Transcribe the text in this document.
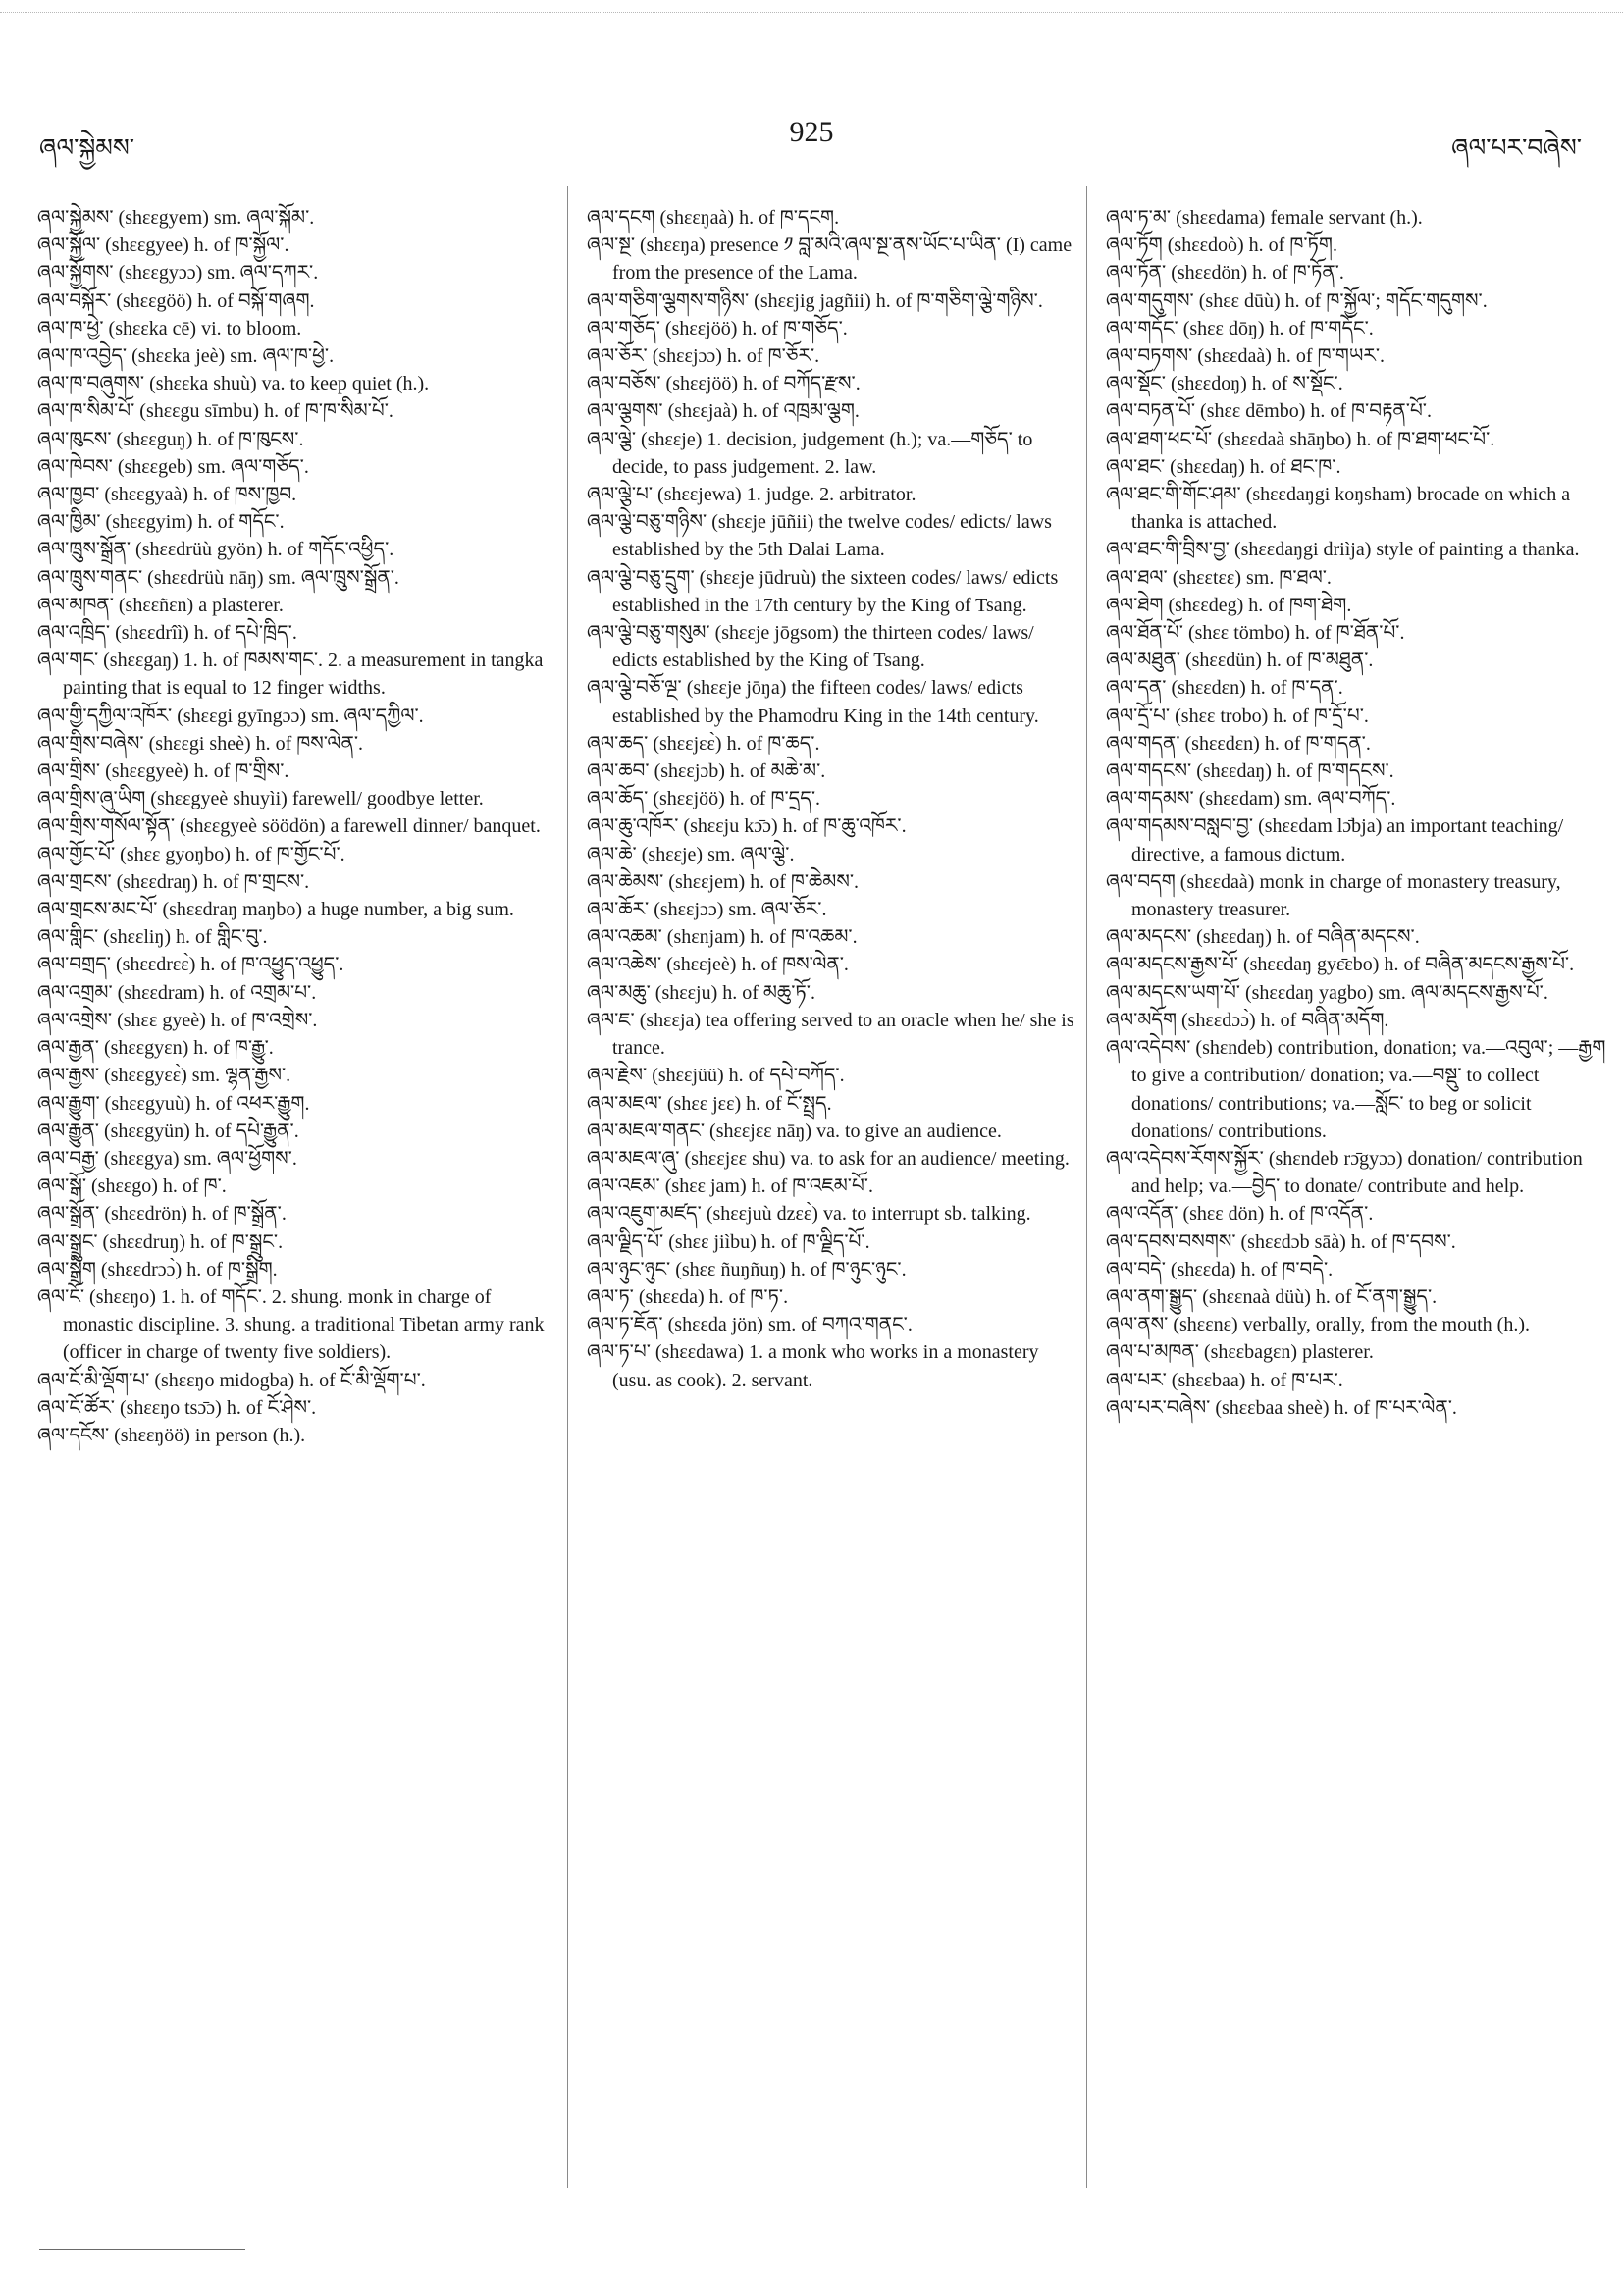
ཞལ་སྐྱེམས་
925
ཞལ་པར་བཞེས་

ཞལ་སྐྱེམས་ (shɛɛgyem) sm. ཞལ་སྐོམ་.

ཞལ་སྐྱོལ་ (shɛɛgyee) h. of ཁ་སྐྱོལ་.

ཞལ་སྐྱོགས་ (shɛɛgyɔɔ) sm. ཞལ་དཀར་.

ཞལ་བསྐོར་ (shɛɛgöö) h. of བསྐོ་གཞག.

ཞལ་ཁ་ཕྱེ་ (shɛɛka cē) vi. to bloom.

ཞལ་ཁ་འབྱེད་ (shɛɛka jeè) sm. ཞལ་ཁ་ཕྱེ་.

ཞལ་ཁ་བཞུགས་ (shɛɛka shuù) va. to keep quiet (h.).

ཞལ་ཁ་སིམ་པོ་ (shɛɛgu sīmbu) h. of ཁ་ཁ་སིམ་པོ་.

ཞལ་ཁུངས་ (shɛɛguŋ) h. of ཁ་ཁུངས་.

ཞལ་ཁེབས་ (shɛɛgeb) sm. ཞལ་གཅོད་.

ཞལ་ཁྱབ་ (shɛɛgyaà) h. of ཁས་ཁྱབ.

ཞལ་ཁྱིམ་ (shɛɛgyim) h. of གདོང་.

ཞལ་ཁྲུས་སྒྲོན་ (shɛɛdrüù gyön) h. of གདོང་འཕྱིད་.

ཞལ་ཁྲུས་གནང་ (shɛɛdrüù nāŋ) sm. ཞལ་ཁྲུས་སྒྲོན་.

ཞལ་མཁན་ (shɛɛñɛn) a plasterer.

ཞལ་འཁྲིད་ (shɛɛdrîì) h. of དཔེ་ཁྲིད་.

ཞལ་གང་ (shɛɛgaŋ) 1. h. of ཁམས་གང་. 2. a measurement in tangka painting that is equal to 12 finger widths.

ཞལ་གྱི་དཀྱིལ་འཁོར་ (shɛɛgi gyīngɔɔ) sm. ཞལ་དཀྱིལ་.

ཞལ་གྲིས་བཞེས་ (shɛɛgi sheè) h. of ཁས་ལེན་.

ཞལ་གྲིས་ (shɛɛgyeè) h. of ཁ་གྲིས་.

ཞལ་གྲིས་ཞུ་ཡིག (shɛɛgyeè shuyìi) farewell/ goodbye letter.

ཞལ་གྲིས་གསོལ་སྟོན་ (shɛɛgyeè söödön) a farewell dinner/ banquet.

ཞལ་གྱོང་པོ་ (shɛɛ gyoŋbo) h. of ཁ་གྱོང་པོ་.

ཞལ་གྲངས་ (shɛɛdraŋ) h. of ཁ་གྲངས་.

ཞལ་གྲངས་མང་པོ་ (shɛɛdraŋ maŋbo) a huge number, a big sum.

ཞལ་གླིང་ (shɛɛliŋ) h. of གླིང་བུ་.

ཞལ་བགྲད་ (shɛɛdrɛɛ̀) h. of ཁ་འཕྱུད་འཕྱུད་.

ཞལ་འགྲམ་ (shɛɛdram) h. of འགྲམ་པ་.

ཞལ་འགྲེས་ (shɛɛ gyeè) h. of ཁ་འགྲེས་.

ཞལ་རྒྱན་ (shɛɛgyɛn) h. of ཁ་རྒྱུ་.

ཞལ་རྒྱས་ (shɛɛgyɛɛ̀) sm. ལྷན་རྒྱས་.

ཞལ་རྒྱུག་ (shɛɛgyuù) h. of འཕར་རྒྱུག.

ཞལ་རྒྱུན་ (shɛɛgyün) h. of དཔེ་རྒྱུན་.

ཞལ་བརྒྱ་ (shɛɛgya) sm. ཞལ་ཕྱོགས་.

ཞལ་སྒོ་ (shɛɛgo) h. of ཁ་.

ཞལ་སྒྲོན་ (shɛɛdrön) h. of ཁ་སྒྲོན་.

ཞལ་སྒྲུང་ (shɛɛdruŋ) h. of ཁ་སྒྲུང་.

ཞལ་སྒྲིག (shɛɛdrɔɔ̀) h. of ཁ་སྒྲིག.

ཞལ་ངོ་ (shɛɛŋo) 1. h. of གདོང་. 2. shung. monk in charge of monastic discipline. 3. shung. a traditional Tibetan army rank (officer in charge of twenty five soldiers).

ཞལ་ངོ་མི་ལྡོག་པ་ (shɛɛŋo midogba) h. of ངོ་མི་ལྡོག་པ་.

ཞལ་ངོ་ཚོར་ (shɛɛŋo tsɔ̄ɔ) h. of ངོ་ཤེས་.

ཞལ་དངོས་ (shɛɛŋöö) in person (h.).

ཞལ་དངག (shɛɛŋaà) h. of ཁ་དངག.

ཞལ་སྔ་ (shɛɛŋa) presence ༡ བླ་མའི་ཞལ་སྔ་ནས་ཡོང་པ་ཡིན་ (I) came from the presence of the Lama.

ཞལ་གཅིག་ལྕགས་གཉིས་ (shɛɛjig jagñii) h. of ཁ་གཅིག་ལྕེ་གཉིས་.

ཞལ་གཅོད་ (shɛɛjöö) h. of ཁ་གཅོད་.

ཞལ་ཅོར་ (shɛɛjɔɔ) h. of ཁ་ཅོར་.

ཞལ་བཅོས་ (shɛɛjöö) h. of བཀོད་རྫས་.

ཞལ་ལྕགས་ (shɛɛjaà) h. of འཁྲམ་ལྕག.

ཞལ་ལྕེ་ (shɛɛje) 1. decision, judgement (h.); va.—གཅོད་ to decide, to pass judgement. 2. law.

ཞལ་ལྕེ་པ་ (shɛɛjewa) 1. judge. 2. arbitrator.

ཞལ་ལྕེ་བཅུ་གཉིས་ (shɛɛje jūñii) the twelve codes/ edicts/ laws established by the 5th Dalai Lama.

ཞལ་ལྕེ་བཅུ་དྲུག་ (shɛɛje jūdruù) the sixteen codes/ laws/ edicts established in the 17th century by the King of Tsang.

ཞལ་ལྕེ་བཅུ་གསུམ་ (shɛɛje jōgsom) the thirteen codes/ laws/ edicts established by the King of Tsang.

ཞལ་ལྕེ་བཅོ་ལྔ་ (shɛɛje jōŋa) the fifteen codes/ laws/ edicts established by the Phamodru King in the 14th century.

ཞལ་ཆད་ (shɛɛjɛɛ̀) h. of ཁ་ཆད་.

ཞལ་ཆབ་ (shɛɛjɔb) h. of མཆེ་མ་.

ཞལ་ཆོད་ (shɛɛjöö) h. of ཁ་དྲད་.

ཞལ་ཆུ་འཁོར་ (shɛɛju kɔ̄ɔ) h. of ཁ་ཆུ་འཁོར་.

ཞལ་ཆེ་ (shɛɛje) sm. ཞལ་ལྕེ་.

ཞལ་ཆེམས་ (shɛɛjem) h. of ཁ་ཆེམས་.

ཞལ་ཆོར་ (shɛɛjɔɔ) sm. ཞལ་ཅོར་.

ཞལ་འཆམ་ (shɛnjam) h. of ཁ་འཆམ་.

ཞལ་འཆེས་ (shɛɛjeè) h. of ཁས་ལེན་.

ཞལ་མཆུ་ (shɛɛju) h. of མཆུ་ཏོ་.

ཞལ་ཇ་ (shɛɛja) tea offering served to an oracle when he/ she is trance.

ཞལ་རྗེས་ (shɛɛjüü) h. of དཔེ་བཀོད་.

ཞལ་མཇལ་ (shɛɛ jɛɛ) h. of ངོ་སྤྲད.

ཞལ་མཇལ་གནང་ (shɛɛjɛɛ nāŋ) va. to give an audience.

ཞལ་མཇལ་ཞུ་ (shɛɛjɛɛ shu) va. to ask for an audience/ meeting.

ཞལ་འཇམ་ (shɛɛ jam) h. of ཁ་འཇམ་པོ་.

ཞལ་འཇུག་མཛད་ (shɛɛjuù dzɛɛ̀) va. to interrupt sb. talking.

ཞལ་ལྗིད་པོ་ (shɛɛ jiìbu) h. of ཁ་ལྗིད་པོ་.

ཞལ་ཉུང་ཉུང་ (shɛɛ ñuŋñuŋ) h. of ཁ་ཉུང་ཉུང་.

ཞལ་ཏ་ (shɛɛda) h. of ཁ་ཏ་.

ཞལ་ཏ་ཇོན་ (shɛɛda jön) sm. of བཀའ་གནང་.

ཞལ་ཏ་པ་ (shɛɛdawa) 1. a monk who works in a monastery (usu. as cook). 2. servant.

ཞལ་ཏ་མ་ (shɛɛdama) female servant (h.).

ཞལ་ཏོག (shɛɛdoò) h. of ཁ་ཏོག.

ཞལ་ཏོན་ (shɛɛdön) h. of ཁ་ཏོན་.

ཞལ་གདུགས་ (shɛɛ dūù) h. of ཁ་སྐྱོལ་; གདོང་གདུགས་.

ཞལ་གདོང་ (shɛɛ dōŋ) h. of ཁ་གདོང་.

ཞལ་བཏགས་ (shɛɛdaà) h. of ཁ་གཡར་.

ཞལ་སྡོང་ (shɛɛdoŋ) h. of ས་སྡོང་.

ཞལ་བཏན་པོ་ (shɛɛ dēmbo) h. of ཁ་བརྟན་པོ་.

ཞལ་ཐག་ཕང་པོ་ (shɛɛdaà shāŋbo) h. of ཁ་ཐག་ཕང་པོ་.

ཞལ་ཐང་ (shɛɛdaŋ) h. of ཐང་ཁ་.

ཞལ་ཐང་གི་གོང་ཤམ་ (shɛɛdaŋgi koŋsham) brocade on which a thanka is attached.

ཞལ་ཐང་གི་བྲིས་བྱ་ (shɛɛdaŋgi driìja) style of painting a thanka.

ཞལ་ཐལ་ (shɛɛtɛɛ) sm. ཁ་ཐལ་.

ཞལ་ཐེག (shɛɛdeg) h. of ཁག་ཐེག.

ཞལ་ཐོན་པོ་ (shɛɛ tömbo) h. of ཁ་ཐོན་པོ་.

ཞལ་མཐུན་ (shɛɛdün) h. of ཁ་མཐུན་.

ཞལ་དན་ (shɛɛdɛn) h. of ཁ་དན་.

ཞལ་དྲོ་པ་ (shɛɛ trobo) h. of ཁ་དྲོ་པ་.

ཞལ་གདན་ (shɛɛdɛn) h. of ཁ་གདན་.

ཞལ་གདངས་ (shɛɛdaŋ) h. of ཁ་གདངས་.

ཞལ་གདམས་ (shɛɛdam) sm. ཞལ་བཀོད་.

ཞལ་གདམས་བསླབ་བྱ་ (shɛɛdam lɔ̄bja) an important teaching/ directive, a famous dictum.

ཞལ་བདག (shɛɛdaà) monk in charge of monastery treasury, monastery treasurer.

ཞལ་མདངས་ (shɛɛdaŋ) h. of བཞིན་མདངས་.

ཞལ་མདངས་རྒྱས་པོ་ (shɛɛdaŋ gyɛ̄ɛbo) h. of བཞིན་མདངས་རྒྱས་པོ་.

ཞལ་མདངས་ཡག་པོ་ (shɛɛdaŋ yagbo) sm. ཞལ་མདངས་རྒྱས་པོ་.

ཞལ་མདོག (shɛɛdɔɔ̀) h. of བཞིན་མདོག.

ཞལ་འདེབས་ (shɛndeb) contribution, donation; va.—འབུལ་; —རྒྱག to give a contribution/ donation; va.—བསྡུ་ to collect donations/ contributions; va.—སློང་ to beg or solicit donations/ contributions.

ཞལ་འདེབས་རོགས་སྐྱོར་ (shɛndeb rɔ̄gyɔɔ) donation/ contribution and help; va.—བྱེད་ to donate/ contribute and help.

ཞལ་འདོན་ (shɛɛ dön) h. of ཁ་འདོན་.

ཞལ་དབས་བསགས་ (shɛɛdɔb sāà) h. of ཁ་དབས་.

ཞལ་བདེ་ (shɛɛda) h. of ཁ་བདེ་.

ཞལ་ནག་སྒྱུད་ (shɛɛnaà düù) h. of ངོ་ནག་སྒྱུད་.

ཞལ་ནས་ (shɛɛnɛ) verbally, orally, from the mouth (h.).

ཞལ་པ་མཁན་ (shɛɛbagɛn) plasterer.

ཞལ་པར་ (shɛɛbaa) h. of ཁ་པར་.

ཞལ་པར་བཞེས་ (shɛɛbaa sheè) h. of ཁ་པར་ལེན་.
